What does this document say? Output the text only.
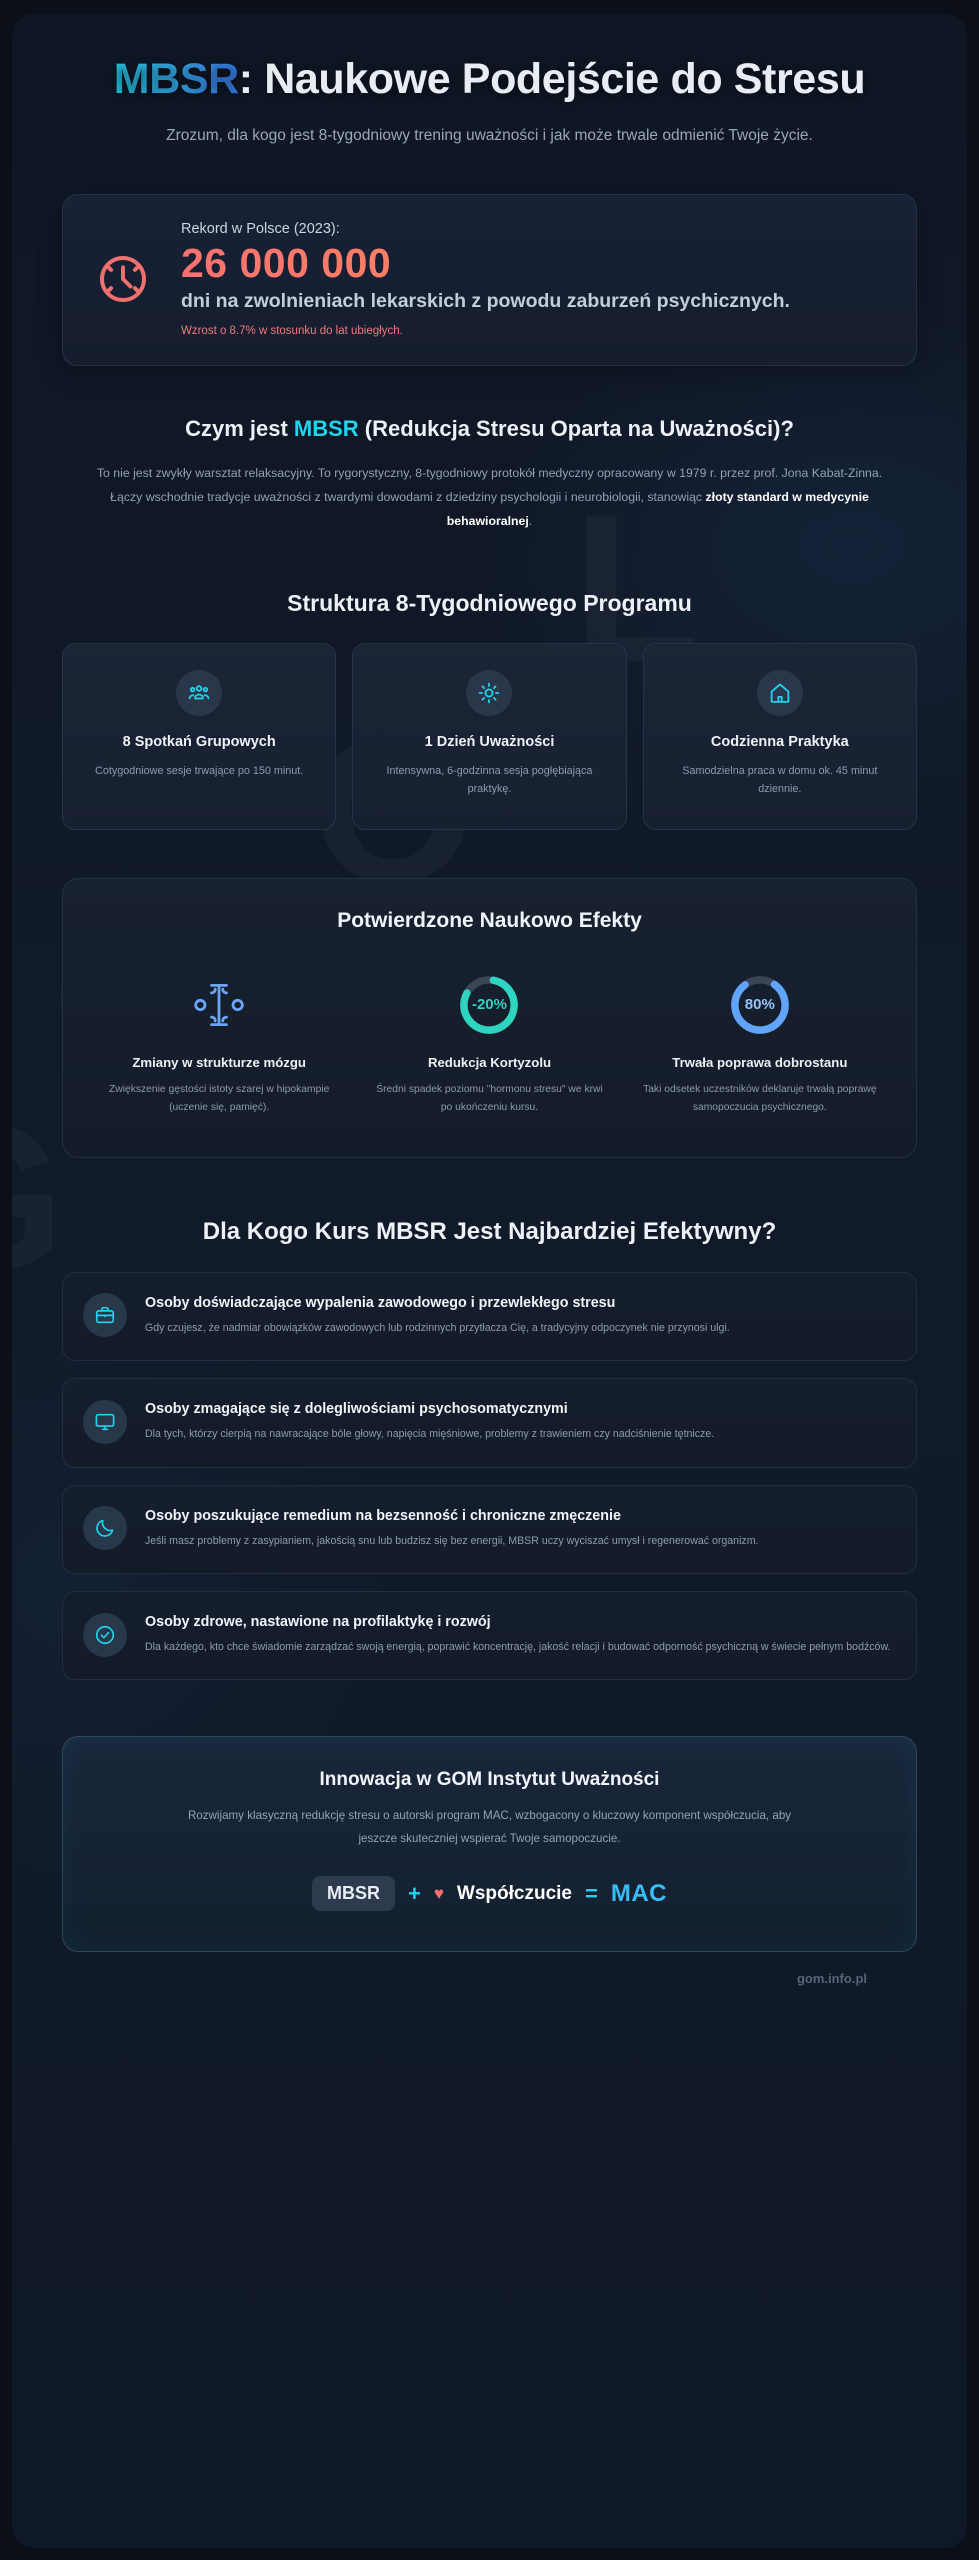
MBSR: Naukowe Podejście do Stresu

Zrozum, dla kogo jest 8-tygodniowy trening uważności i jak może trwale odmienić Twoje życie.

Rekord w Polsce (2023):
26 000 000
dni na zwolnieniach lekarskich z powodu zaburzeń psychicznych.
Wzrost o 8.7% w stosunku do lat ubiegłych.
Czym jest MBSR (Redukcja Stresu Oparta na Uważności)?

To nie jest zwykły warsztat relaksacyjny. To rygorystyczny, 8-tygodniowy protokół medyczny opracowany w 1979 r. przez prof. Jona Kabat-Zinna. Łączy wschodnie tradycje uważności z twardymi dowodami z dziedziny psychologii i neurobiologii, stanowiąc złoty standard w medycynie behawioralnej.

Struktura 8-Tygodniowego Programu
8 Spotkań Grupowych
Cotygodniowe sesje trwające po 150 minut.
1 Dzień Uważności
Intensywna, 6-godzinna sesja pogłębiająca praktykę.
Codzienna Praktyka
Samodzielna praca w domu ok. 45 minut dziennie.
Potwierdzone Naukowo Efekty
Zmiany w strukturze mózgu
Zwiększenie gęstości istoty szarej w hipokampie (uczenie się, pamięć).
-20%
Redukcja Kortyzolu
Średni spadek poziomu "hormonu stresu" we krwi po ukończeniu kursu.
80%
Trwała poprawa dobrostanu
Taki odsetek uczestników deklaruje trwałą poprawę samopoczucia psychicznego.
Dla Kogo Kurs MBSR Jest Najbardziej Efektywny?
Osoby doświadczające wypalenia zawodowego i przewlekłego stresu
Gdy czujesz, że nadmiar obowiązków zawodowych lub rodzinnych przytłacza Cię, a tradycyjny odpoczynek nie przynosi ulgi.
Osoby zmagające się z dolegliwościami psychosomatycznymi
Dla tych, którzy cierpią na nawracające bóle głowy, napięcia mięśniowe, problemy z trawieniem czy nadciśnienie tętnicze.
Osoby poszukujące remedium na bezsenność i chroniczne zmęczenie
Jeśli masz problemy z zasypianiem, jakością snu lub budzisz się bez energii, MBSR uczy wyciszać umysł i regenerować organizm.
Osoby zdrowe, nastawione na profilaktykę i rozwój
Dla każdego, kto chce świadomie zarządzać swoją energią, poprawić koncentrację, jakość relacji i budować odporność psychiczną w świecie pełnym bodźców.
Innowacja w GOM Instytut Uważności

Rozwijamy klasyczną redukcję stresu o autorski program MAC, wzbogacony o kluczowy komponent współczucia, aby jeszcze skuteczniej wspierać Twoje samopoczucie.

MBSR	+ ♥ Współczucie = MAC
gom.info.pl
